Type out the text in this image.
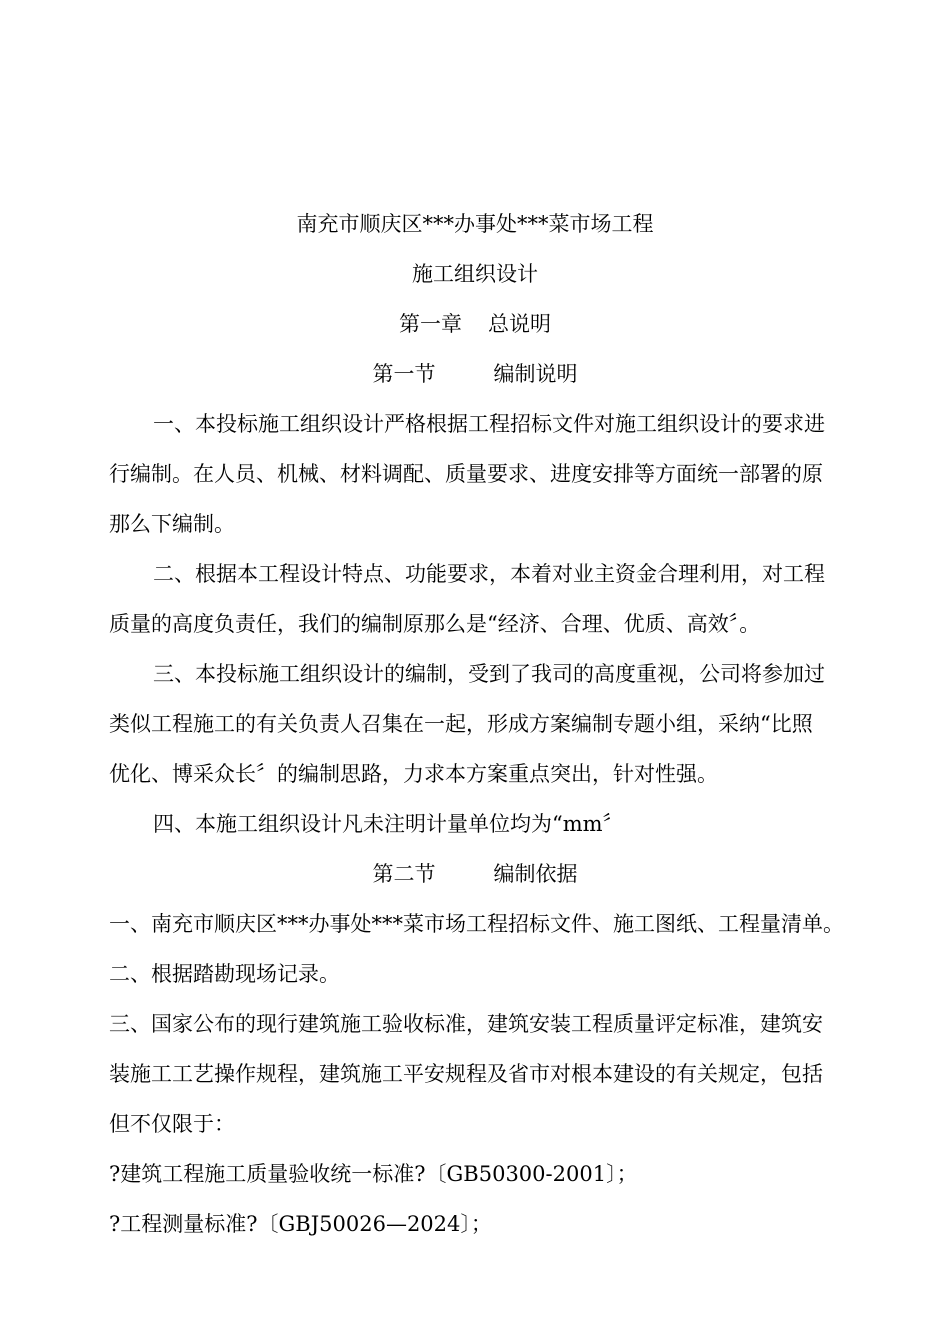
南充市顺庆区***办事处***菜市场工程
施工组织设计
第一章 总说明
第一节	编制说明
一、本投标施工组织设计严格根据工程招标文件对施工组织设计的要求进
行编制。在人员、机械、材料调配、质量要求、进度安排等方面统一部署的原
那么下编制。
二、根据本工程设计特点、功能要求，本着对业主资金合理利用，对工程
质量的高度负责任，我们的编制原那么是“经济、合理、优质、高效〞。
三、本投标施工组织设计的编制，受到了我司的高度重视，公司将参加过
类似工程施工的有关负责人召集在一起，形成方案编制专题小组，采纳“比照
优化、博采众长〞的编制思路，力求本方案重点突出，针对性强。
四、本施工组织设计凡未注明计量单位均为“mm〞
第二节	编制依据
一、南充市顺庆区***办事处***菜市场工程招标文件、施工图纸、工程量清单。
二、根据踏勘现场记录。
三、国家公布的现行建筑施工验收标准，建筑安装工程质量评定标准，建筑安
装施工工艺操作规程，建筑施工平安规程及省市对根本建设的有关规定，包括
但不仅限于：
?建筑工程施工质量验收统一标准?〔GB50300-2001〕；
?工程测量标准?〔GBJ50026—2024〕；
